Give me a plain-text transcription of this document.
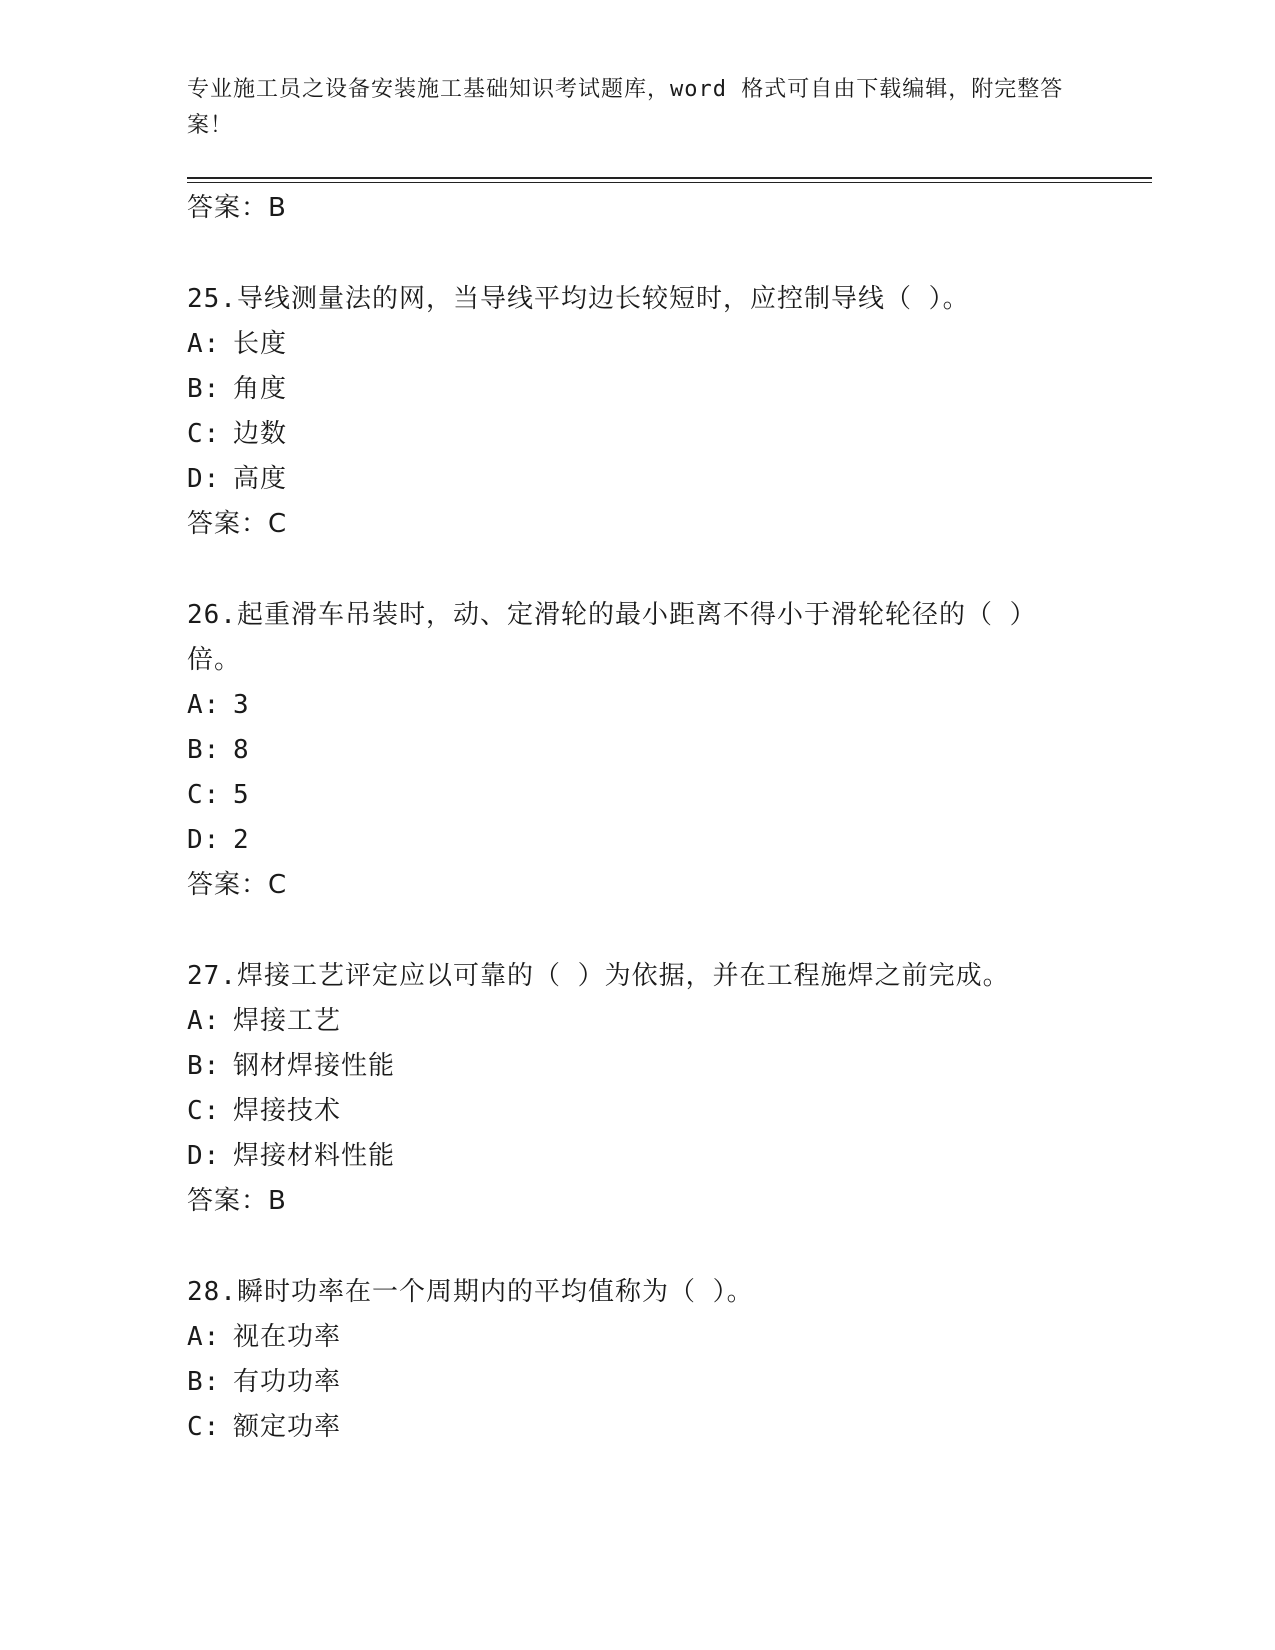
专业施工员之设备安装施工基础知识考试题库，word 格式可自由下载编辑，附完整答案！
答案：B
25.导线测量法的网，当导线平均边长较短时，应控制导线（ ）。
A: 长度
B: 角度
C: 边数
D: 高度
答案：C
26.起重滑车吊装时，动、定滑轮的最小距离不得小于滑轮轮径的（ ）倍。
A: 3
B: 8
C: 5
D: 2
答案：C
27.焊接工艺评定应以可靠的（ ）为依据，并在工程施焊之前完成。
A: 焊接工艺
B: 钢材焊接性能
C: 焊接技术
D: 焊接材料性能
答案：B
28.瞬时功率在一个周期内的平均值称为（ ）。
A: 视在功率
B: 有功功率
C: 额定功率
